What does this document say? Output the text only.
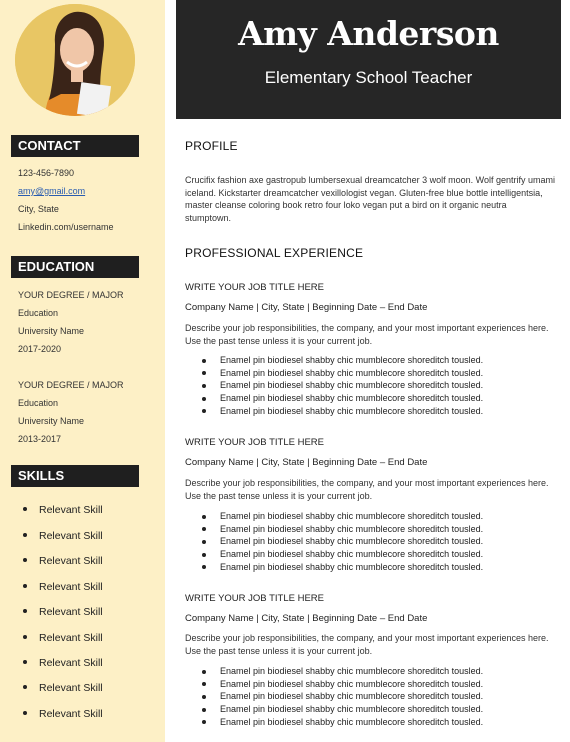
CONTACT
123-456-7890
amy@gmail.com
City, State
Linkedin.com/username
EDUCATION
YOUR DEGREE / MAJOR
Education
University Name
2017-2020
YOUR DEGREE / MAJOR
Education
University Name
2013-2017
SKILLS
Relevant Skill
Relevant Skill
Relevant Skill
Relevant Skill
Relevant Skill
Relevant Skill
Relevant Skill
Relevant Skill
Relevant Skill
Amy Anderson
Elementary School Teacher
PROFILE
Crucifix fashion axe gastropub lumbersexual dreamcatcher 3 wolf moon. Wolf gentrify umami iceland. Kickstarter dreamcatcher vexillologist vegan. Gluten-free blue bottle intelligentsia, master cleanse coloring book retro four loko vegan put a bird on it organic neutra stumptown.
PROFESSIONAL EXPERIENCE
WRITE YOUR JOB TITLE HERE
Company Name | City, State | Beginning Date – End Date
Describe your job responsibilities, the company, and your most important experiences here. Use the past tense unless it is your current job.
Enamel pin biodiesel shabby chic mumblecore shoreditch tousled.
Enamel pin biodiesel shabby chic mumblecore shoreditch tousled.
Enamel pin biodiesel shabby chic mumblecore shoreditch tousled.
Enamel pin biodiesel shabby chic mumblecore shoreditch tousled.
Enamel pin biodiesel shabby chic mumblecore shoreditch tousled.
WRITE YOUR JOB TITLE HERE
Company Name | City, State | Beginning Date – End Date
Describe your job responsibilities, the company, and your most important experiences here. Use the past tense unless it is your current job.
Enamel pin biodiesel shabby chic mumblecore shoreditch tousled.
Enamel pin biodiesel shabby chic mumblecore shoreditch tousled.
Enamel pin biodiesel shabby chic mumblecore shoreditch tousled.
Enamel pin biodiesel shabby chic mumblecore shoreditch tousled.
Enamel pin biodiesel shabby chic mumblecore shoreditch tousled.
WRITE YOUR JOB TITLE HERE
Company Name | City, State | Beginning Date – End Date
Describe your job responsibilities, the company, and your most important experiences here. Use the past tense unless it is your current job.
Enamel pin biodiesel shabby chic mumblecore shoreditch tousled.
Enamel pin biodiesel shabby chic mumblecore shoreditch tousled.
Enamel pin biodiesel shabby chic mumblecore shoreditch tousled.
Enamel pin biodiesel shabby chic mumblecore shoreditch tousled.
Enamel pin biodiesel shabby chic mumblecore shoreditch tousled.
